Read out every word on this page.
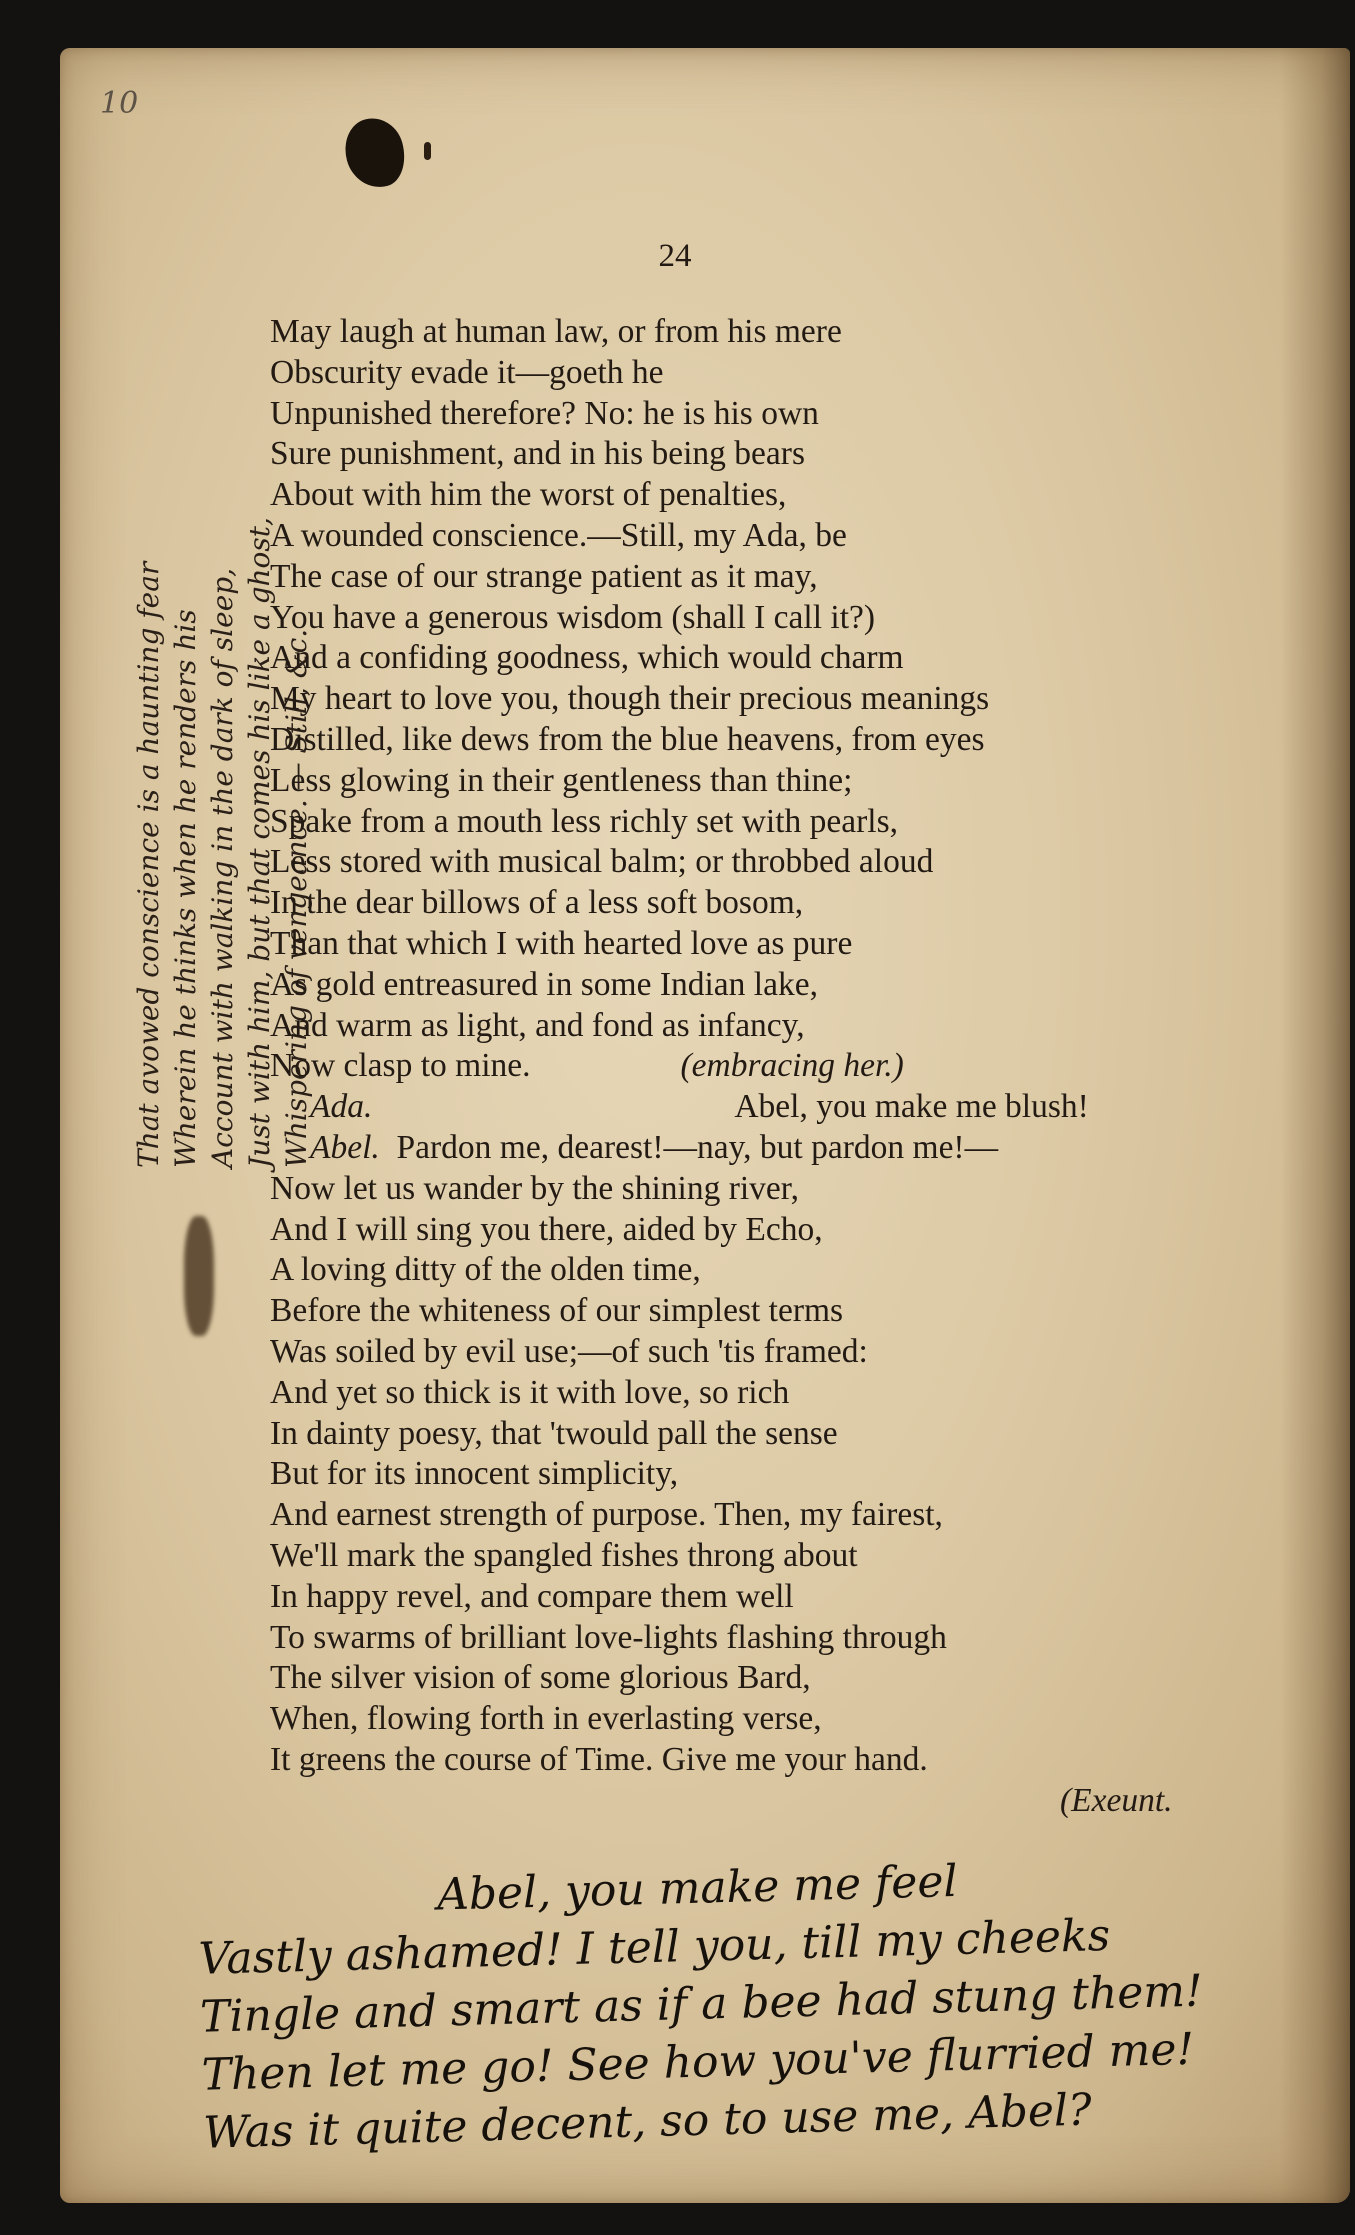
10
24
That avowed conscience is a haunting fear Wherein he thinks when he renders his Account with walking in the dark of sleep, Just with him, but that comes his like a ghost, Whispering of vengeance. — Still, &c.
May laugh at human law, or from his mere
Obscurity evade it—goeth he
Unpunished therefore? No: he is his own
Sure punishment, and in his being bears
About with him the worst of penalties,
A wounded conscience.—Still, my Ada, be
The case of our strange patient as it may,
You have a generous wisdom (shall I call it?)
And a confiding goodness, which would charm
My heart to love you, though their precious meanings
Distilled, like dews from the blue heavens, from eyes
Less glowing in their gentleness than thine;
Spake from a mouth less richly set with pearls,
Less stored with musical balm; or throbbed aloud
In the dear billows of a less soft bosom,
Than that which I with hearted love as pure
As gold entreasured in some Indian lake,
And warm as light, and fond as infancy,
Now clasp to mine.	(embracing her.)
Ada.	Abel, you make me blush!
Abel. Pardon me, dearest!—nay, but pardon me!—
Now let us wander by the shining river,
And I will sing you there, aided by Echo,
A loving ditty of the olden time,
Before the whiteness of our simplest terms
Was soiled by evil use;—of such 'tis framed:
And yet so thick is it with love, so rich
In dainty poesy, that 'twould pall the sense
But for its innocent simplicity,
And earnest strength of purpose. Then, my fairest,
We'll mark the spangled fishes throng about
In happy revel, and compare them well
To swarms of brilliant love-lights flashing through
The silver vision of some glorious Bard,
When, flowing forth in everlasting verse,
It greens the course of Time. Give me your hand.
(Exeunt.
Abel, you make me feel
Vastly ashamed! I tell you, till my cheeks
Tingle and smart as if a bee had stung them!
Then let me go! See how you've flurried me!
Was it quite decent, so to use me, Abel?
